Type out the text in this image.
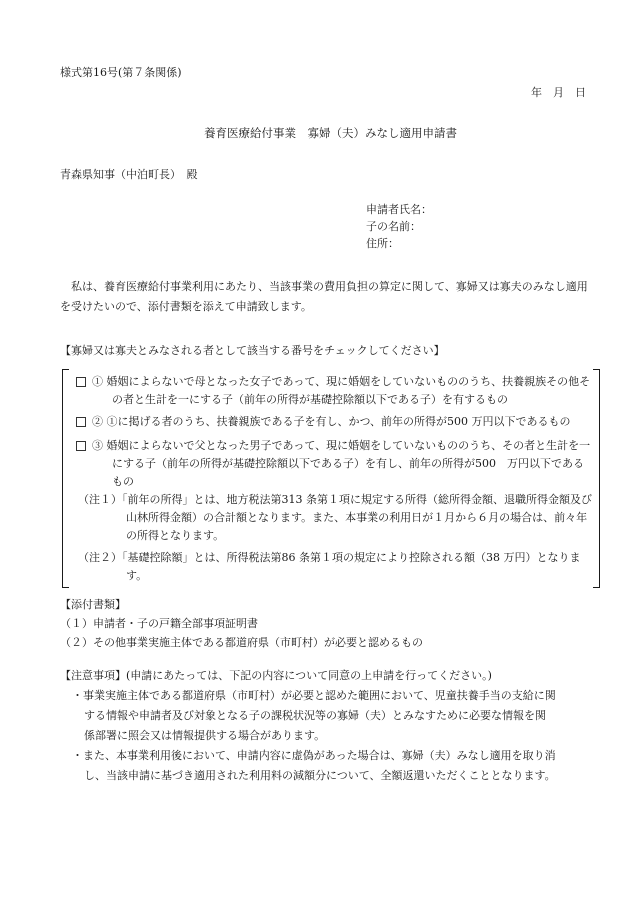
様式第16号(第７条関係)
年　月　日
養育医療給付事業　寡婦（夫）みなし適用申請書
青森県知事（中泊町長）　殿
申請者氏名：
子の名前：
住所：
私は、養育医療給付事業利用にあたり、当該事業の費用負担の算定に関して、寡婦又は寡夫のみなし適用を受けたいので、添付書類を添えて申請致します。
【寡婦又は寡夫とみなされる者として該当する番号をチェックしてください】
① 婚姻によらないで母となった女子であって、現に婚姻をしていないもののうち、扶養親族その他その者と生計を一にする子（前年の所得が基礎控除額以下である子）を有するもの
② ①に掲げる者のうち、扶養親族である子を有し、かつ、前年の所得が500 万円以下であるもの
③ 婚姻によらないで父となった男子であって、現に婚姻をしていないもののうち、その者と生計を一にする子（前年の所得が基礎控除額以下である子）を有し、前年の所得が500　万円以下であるもの
（注１）「前年の所得」とは、地方税法第313 条第１項に規定する所得（総所得金額、退職所得金額及び山林所得金額）の合計額となります。また、本事業の利用日が１月から６月の場合は、前々年の所得となります。
（注２）「基礎控除額」とは、所得税法第86 条第１項の規定により控除される額（38 万円）となります。
【添付書類】
（１）申請者・子の戸籍全部事項証明書
（２）その他事業実施主体である都道府県（市町村）が必要と認めるもの
【注意事項】(申請にあたっては、下記の内容について同意の上申請を行ってください。)
・事業実施主体である都道府県（市町村）が必要と認めた範囲において、児童扶養手当の支給に関する情報や申請者及び対象となる子の課税状況等の寡婦（夫）とみなすために必要な情報を関係部署に照会又は情報提供する場合があります。
・また、本事業利用後において、申請内容に虚偽があった場合は、寡婦（夫）みなし適用を取り消し、当該申請に基づき適用された利用料の減額分について、全額返還いただくこととなります。
